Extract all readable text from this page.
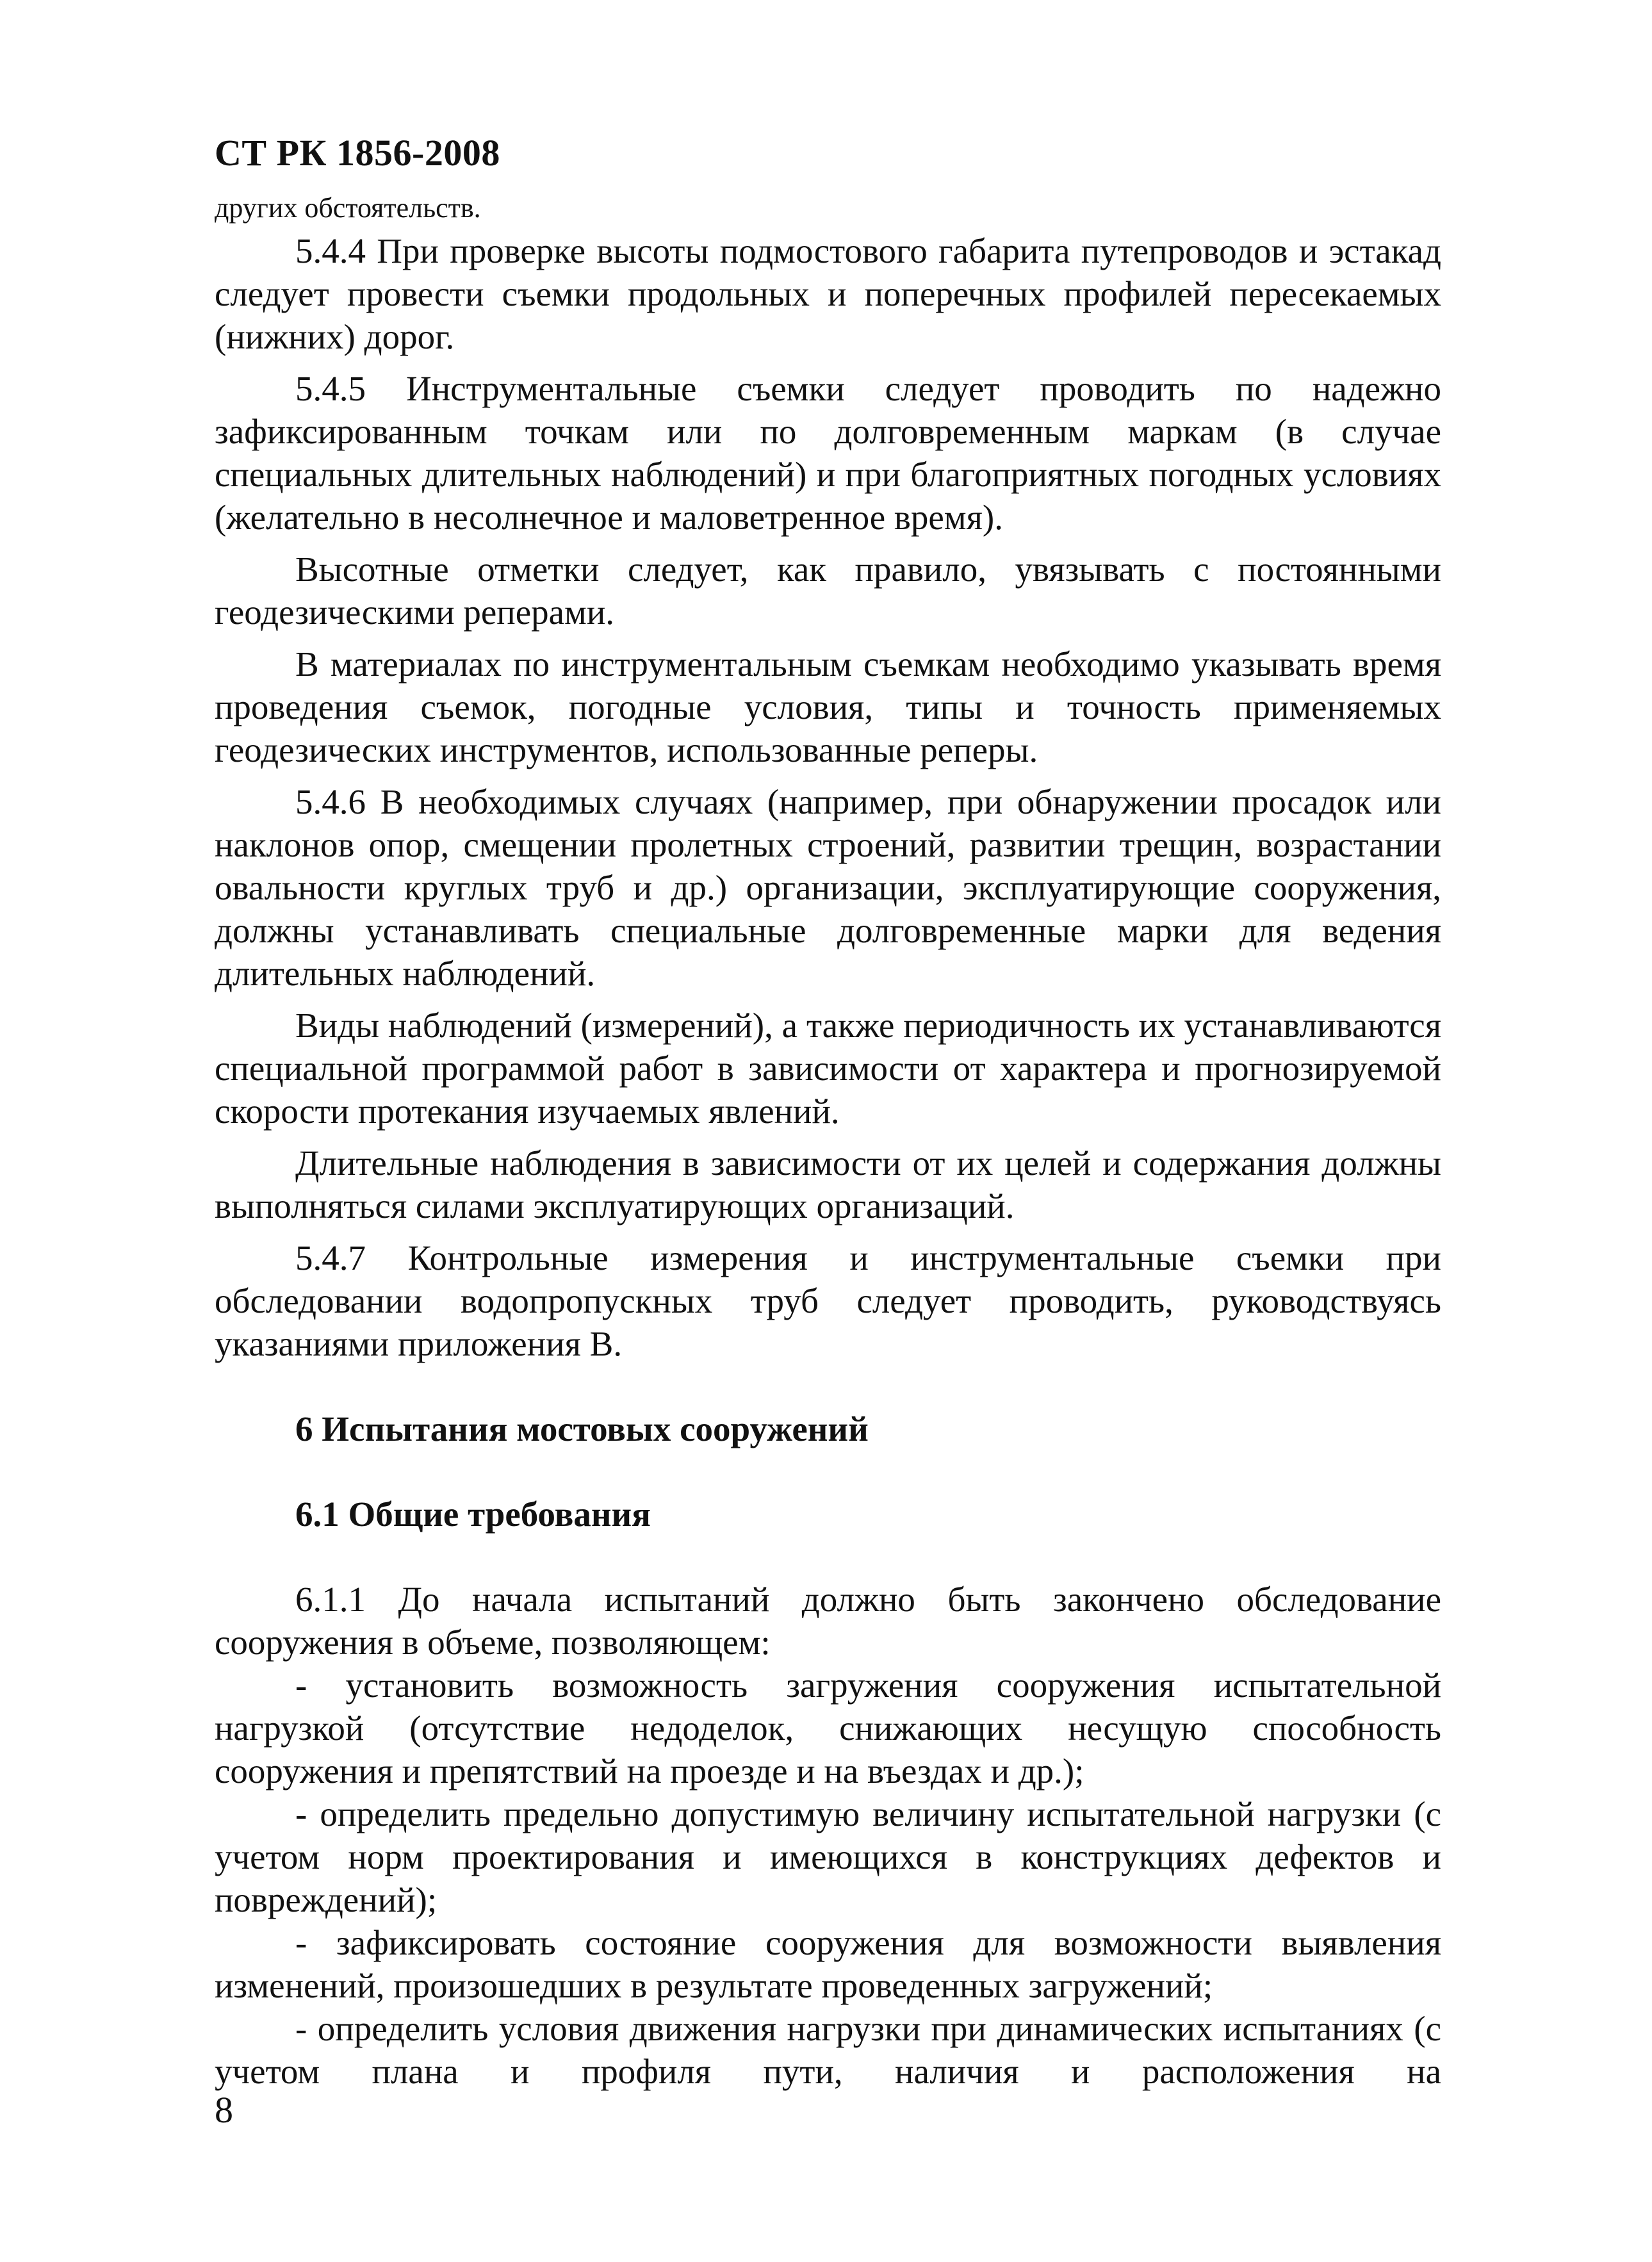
СТ РК 1856-2008

других обстоятельств.

5.4.4 При проверке высоты подмостового габарита путепроводов и эстакад следует провести съемки продольных и поперечных профилей пересекаемых (нижних) дорог.

5.4.5 Инструментальные съемки следует проводить по надежно зафиксированным точкам или по долговременным маркам (в случае специальных длительных наблюдений) и при благоприятных погодных условиях (желательно в несолнечное и маловетренное время).

Высотные отметки следует, как правило, увязывать с постоянными геодезическими реперами.

В материалах по инструментальным съемкам необходимо указывать время проведения съемок, погодные условия, типы и точность применяемых геодезических инструментов, использованные реперы.

5.4.6 В необходимых случаях (например, при обнаружении просадок или наклонов опор, смещении пролетных строений, развитии трещин, возрастании овальности круглых труб и др.) организации, эксплуатирующие сооружения, должны устанавливать специальные долговременные марки для ведения длительных наблюдений.

Виды наблюдений (измерений), а также периодичность их устанавливаются специальной программой работ в зависимости от характера и прогнозируемой скорости протекания изучаемых явлений.

Длительные наблюдения в зависимости от их целей и содержания должны выполняться силами эксплуатирующих организаций.

5.4.7 Контрольные измерения и инструментальные съемки при обследовании водопропускных труб следует проводить, руководствуясь указаниями приложения В.

6 Испытания мостовых сооружений
6.1 Общие требования

6.1.1 До начала испытаний должно быть закончено обследование сооружения в объеме, позволяющем:

- установить возможность загружения сооружения испытательной нагрузкой (отсутствие недоделок, снижающих несущую способность сооружения и препятствий на проезде и на въездах и др.);

- определить предельно допустимую величину испытательной нагрузки (с учетом норм проектирования и имеющихся в конструкциях дефектов и повреждений);

- зафиксировать состояние сооружения для возможности выявления изменений, произошедших в результате проведенных загружений;

- определить условия движения нагрузки при динамических испытаниях (с учетом плана и профиля пути, наличия и расположения на

8
